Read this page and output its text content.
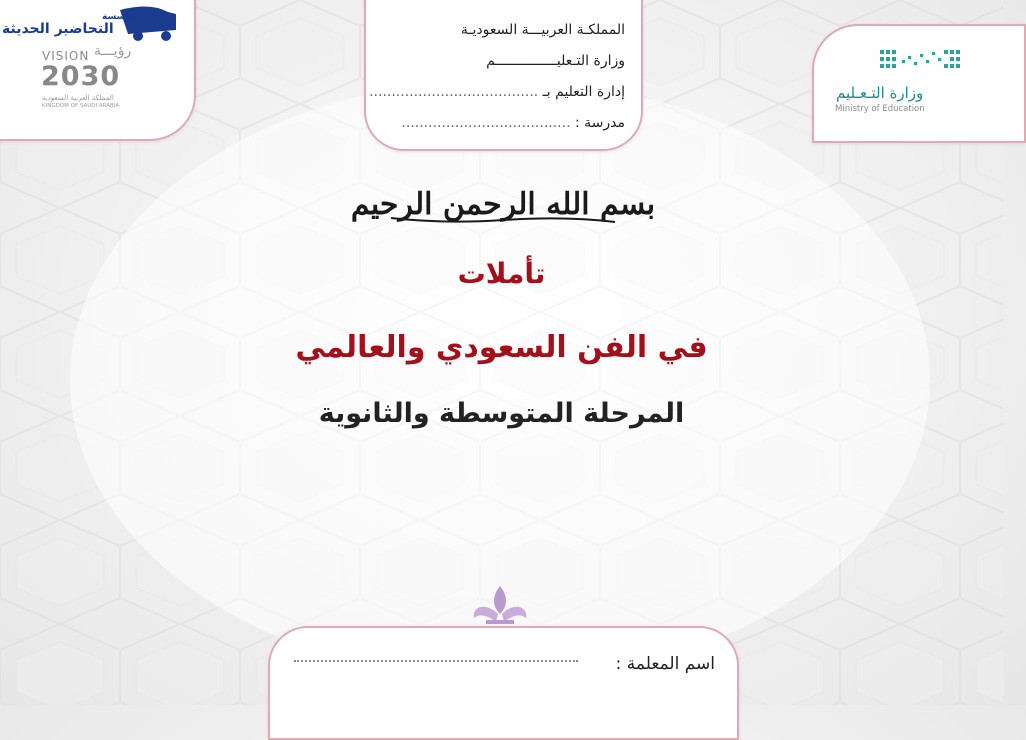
VISION رؤيـــة
2030
المملكة العربية السعودية
KINGDOM OF SAUDI ARABIA
مؤسسة
التحاضير الحديثة
وزارة التـعـليم
Ministry of Education
المملكـة العربيـــة السعوديـة
وزارة التـعليـــــــــــــــم
إدارة التعليم بـ ......................................
مدرسة : ......................................
بسم الله الرحمن الرحيم
تأملات
في الفن السعودي والعالمي
المرحلة المتوسطة والثانوية
اسم المعلمة :
